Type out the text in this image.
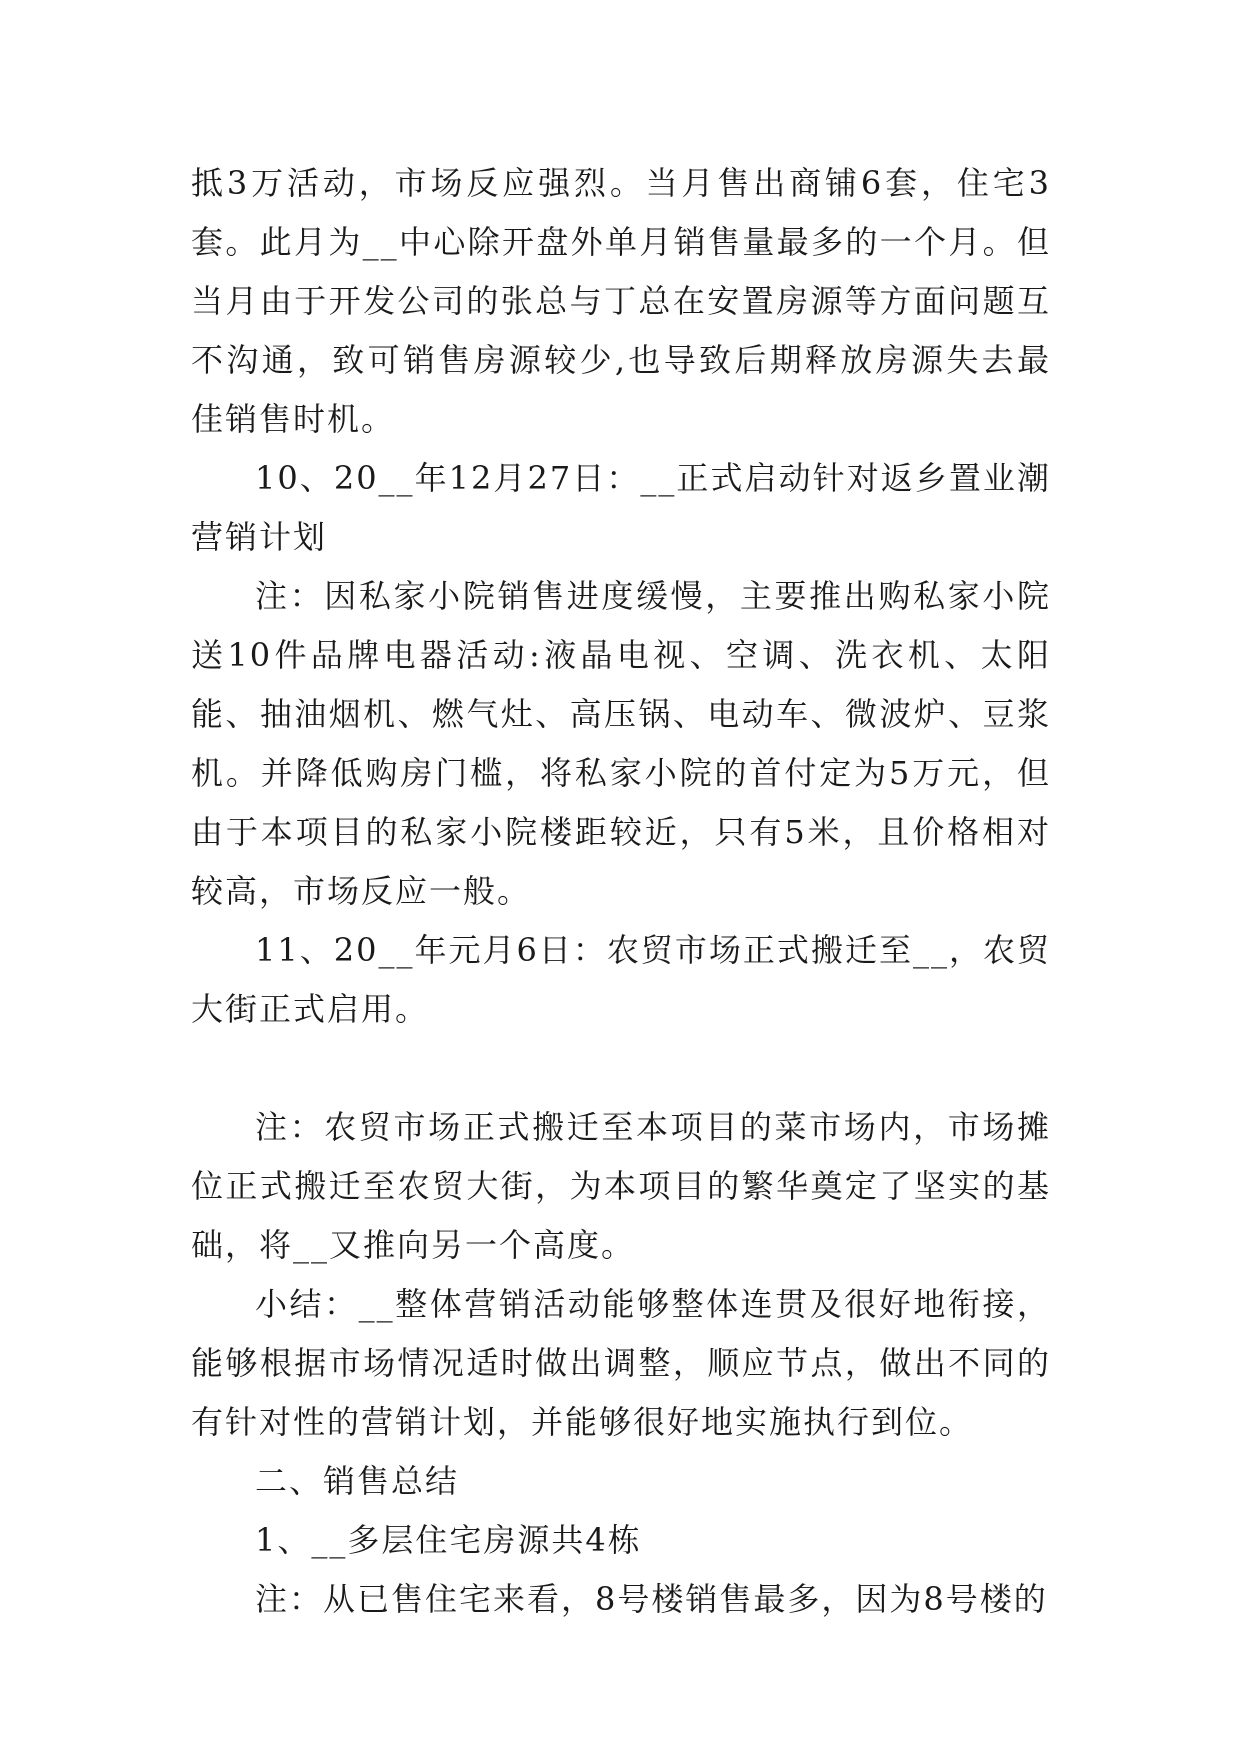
抵3万活动，市场反应强烈。当月售出商铺6套，住宅3套。此月为__中心除开盘外单月销售量最多的一个月。但当月由于开发公司的张总与丁总在安置房源等方面问题互不沟通，致可销售房源较少,也导致后期释放房源失去最佳销售时机。

10、20__年12月27日：__正式启动针对返乡置业潮营销计划

注：因私家小院销售进度缓慢，主要推出购私家小院送10件品牌电器活动:液晶电视、空调、洗衣机、太阳能、抽油烟机、燃气灶、高压锅、电动车、微波炉、豆浆机。并降低购房门槛，将私家小院的首付定为5万元，但由于本项目的私家小院楼距较近，只有5米，且价格相对较高，市场反应一般。

11、20__年元月6日：农贸市场正式搬迁至__，农贸大街正式启用。

注：农贸市场正式搬迁至本项目的菜市场内，市场摊位正式搬迁至农贸大街，为本项目的繁华奠定了坚实的基础，将__又推向另一个高度。

小结：__整体营销活动能够整体连贯及很好地衔接，能够根据市场情况适时做出调整，顺应节点，做出不同的有针对性的营销计划，并能够很好地实施执行到位。

二、销售总结

1、__多层住宅房源共4栋

注：从已售住宅来看，8号楼销售最多，因为8号楼的
